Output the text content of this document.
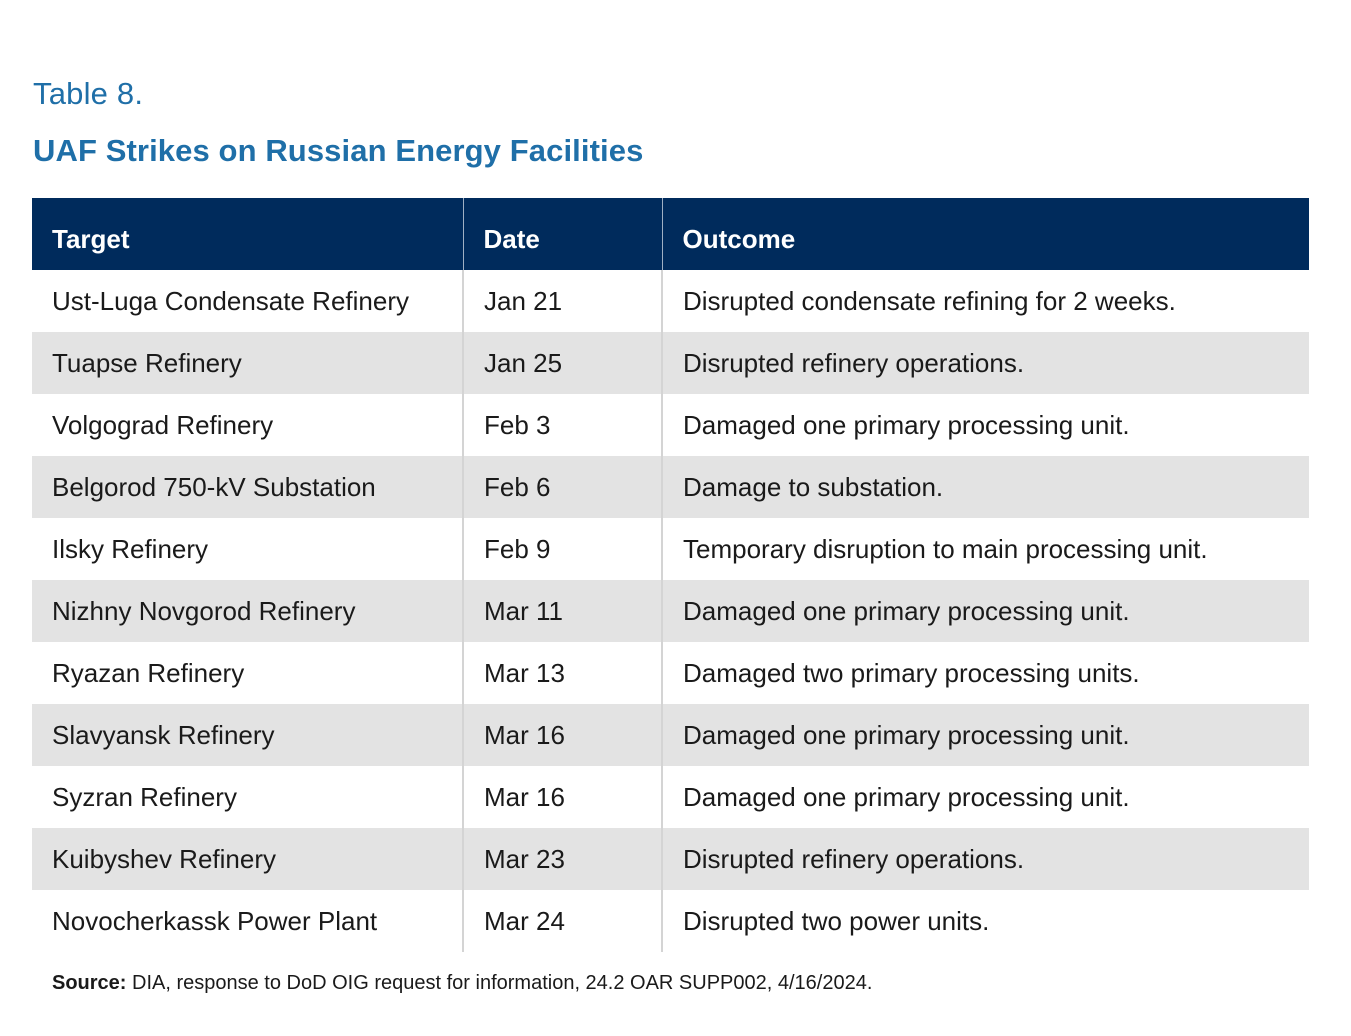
Table 8.
UAF Strikes on Russian Energy Facilities
Target	Date	Outcome
Ust-Luga Condensate Refinery	Jan 21	Disrupted condensate refining for 2 weeks.
Tuapse Refinery	Jan 25	Disrupted refinery operations.
Volgograd Refinery	Feb 3	Damaged one primary processing unit.
Belgorod 750-kV Substation	Feb 6	Damage to substation.
Ilsky Refinery	Feb 9	Temporary disruption to main processing unit.
Nizhny Novgorod Refinery	Mar 11	Damaged one primary processing unit.
Ryazan Refinery	Mar 13	Damaged two primary processing units.
Slavyansk Refinery	Mar 16	Damaged one primary processing unit.
Syzran Refinery	Mar 16	Damaged one primary processing unit.
Kuibyshev Refinery	Mar 23	Disrupted refinery operations.
Novocherkassk Power Plant	Mar 24	Disrupted two power units.
Source: DIA, response to DoD OIG request for information, 24.2 OAR SUPP002, 4/16/2024.
